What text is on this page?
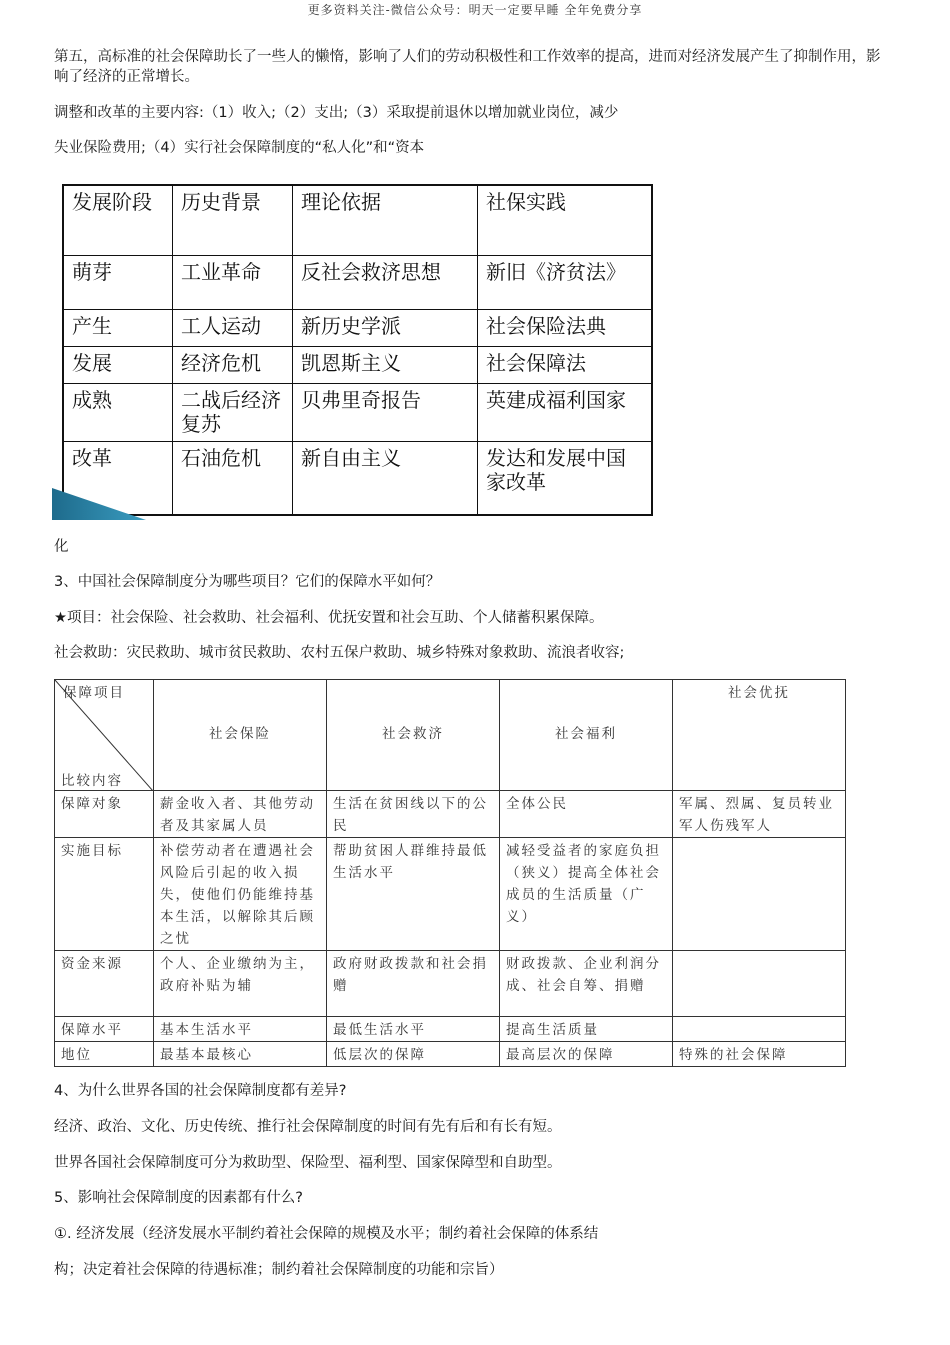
更多资料关注-微信公众号：明天一定要早睡 全年免费分享
第五，高标准的社会保障助长了一些人的懒惰，影响了人们的劳动积极性和工作效率的提高，进而对经济发展产生了抑制作用，影响了经济的正常增长。
调整和改革的主要内容:（1）收入;（2）支出;（3）采取提前退休以增加就业岗位，减少
失业保险费用;（4）实行社会保障制度的“私人化”和“资本
发展阶段	历史背景	理论依据	社保实践
萌芽	工业革命	反社会救济思想	新旧《济贫法》
产生	工人运动	新历史学派	社会保险法典
发展	经济危机	凯恩斯主义	社会保障法
成熟	二战后经济复苏	贝弗里奇报告	英建成福利国家
改革	石油危机	新自由主义	发达和发展中国家改革
化
3、中国社会保障制度分为哪些项目？它们的保障水平如何？
★项目：社会保险、社会救助、社会福利、优抚安置和社会互助、个人储蓄积累保障。
社会救助：灾民救助、城市贫民救助、农村五保户救助、城乡特殊对象救助、流浪者收容;
保障项目
比较内容	社会保险	社会救济	社会福利	社会优抚
保障对象	薪金收入者、其他劳动者及其家属人员	生活在贫困线以下的公民	全体公民	军属、烈属、复员转业军人伤残军人
实施目标	补偿劳动者在遭遇社会风险后引起的收入损失，使他们仍能维持基本生活，以解除其后顾之忧	帮助贫困人群维持最低生活水平	减轻受益者的家庭负担（狭义）提高全体社会成员的生活质量（广义）	
资金来源	个人、企业缴纳为主，政府补贴为辅	政府财政拨款和社会捐赠	财政拨款、企业利润分成、社会自筹、捐赠	
保障水平	基本生活水平	最低生活水平	提高生活质量	
地位	最基本最核心	低层次的保障	最高层次的保障	特殊的社会保障
4、为什么世界各国的社会保障制度都有差异?
经济、政治、文化、历史传统、推行社会保障制度的时间有先有后和有长有短。
世界各国社会保障制度可分为救助型、保险型、福利型、国家保障型和自助型。
5、影响社会保障制度的因素都有什么?
①. 经济发展（经济发展水平制约着社会保障的规模及水平；制约着社会保障的体系结
构；决定着社会保障的待遇标准；制约着社会保障制度的功能和宗旨）
